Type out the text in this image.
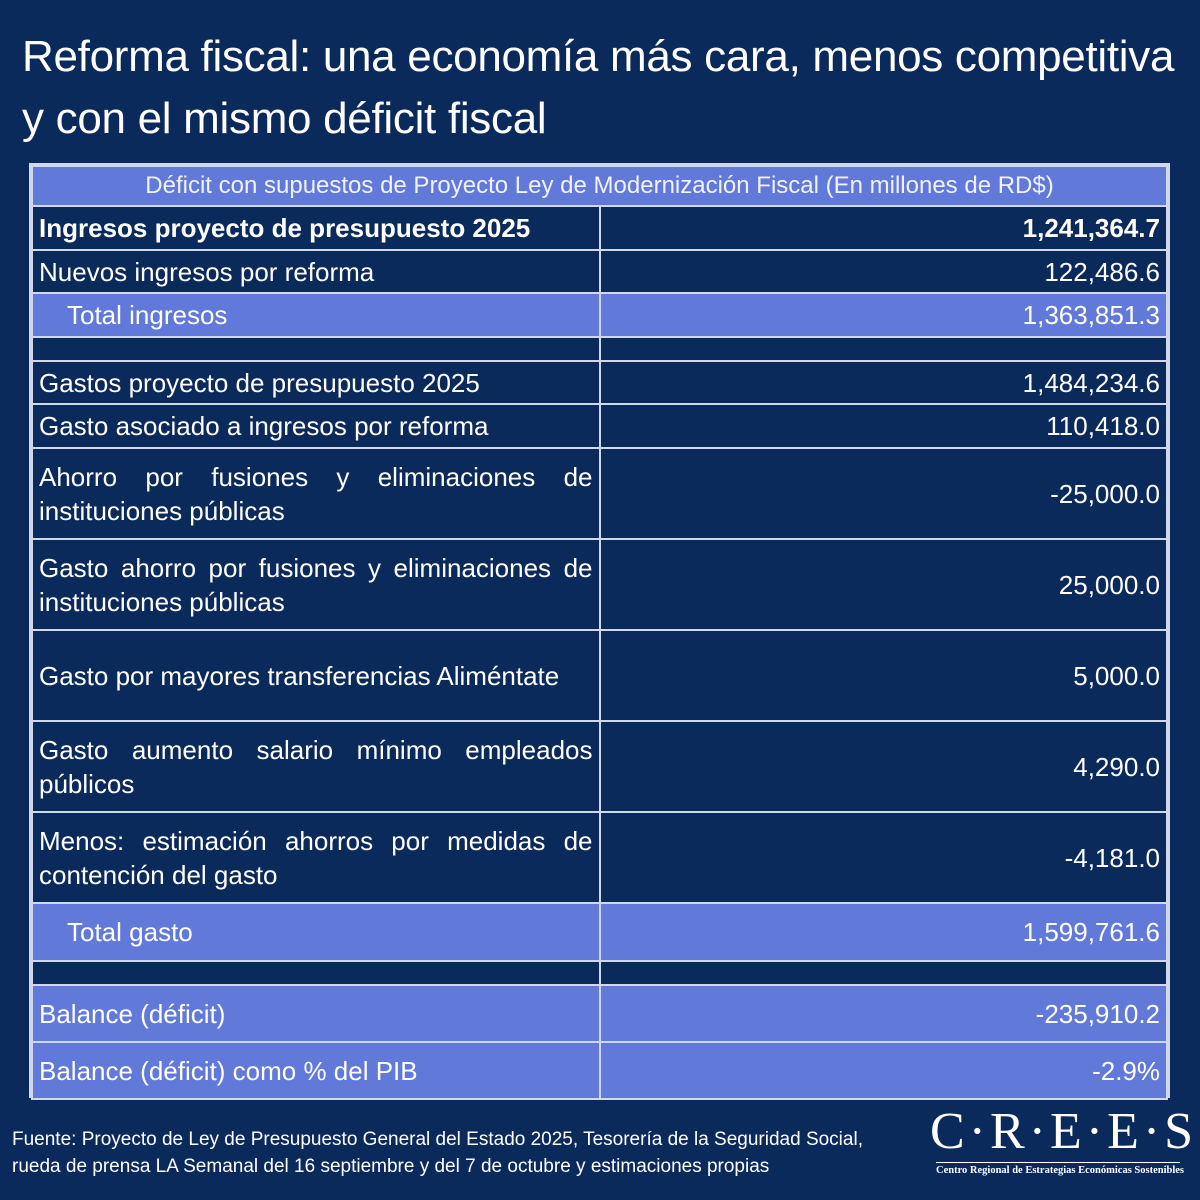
Reforma fiscal: una economía más cara, menos competitiva y con el mismo déficit fiscal
Déficit con supuestos de Proyecto Ley de Modernización Fiscal (En millones de RD$)	
Ingresos proyecto de presupuesto 2025	1,241,364.7
Nuevos ingresos por reforma	122,486.6
Total ingresos	1,363,851.3

Gastos proyecto de presupuesto 2025	1,484,234.6
Gasto asociado a ingresos por reforma	110,418.0
Ahorro por fusiones y eliminaciones de instituciones públicas	-25,000.0
Gasto ahorro por fusiones y eliminaciones de instituciones públicas	25,000.0
Gasto por mayores transferencias Aliméntate	5,000.0
Gasto aumento salario mínimo empleados públicos	4,290.0
Menos: estimación ahorros por medidas de contención del gasto	-4,181.0
Total gasto	1,599,761.6

Balance (déficit)	-235,910.2
Balance (déficit) como % del PIB	-2.9%
Fuente: Proyecto de Ley de Presupuesto General del Estado 2025, Tesorería de la Seguridad Social, rueda de prensa LA Semanal del 16 septiembre y del 7 de octubre y estimaciones propias
C·R·E·E·S
Centro Regional de Estrategias Económicas Sostenibles
